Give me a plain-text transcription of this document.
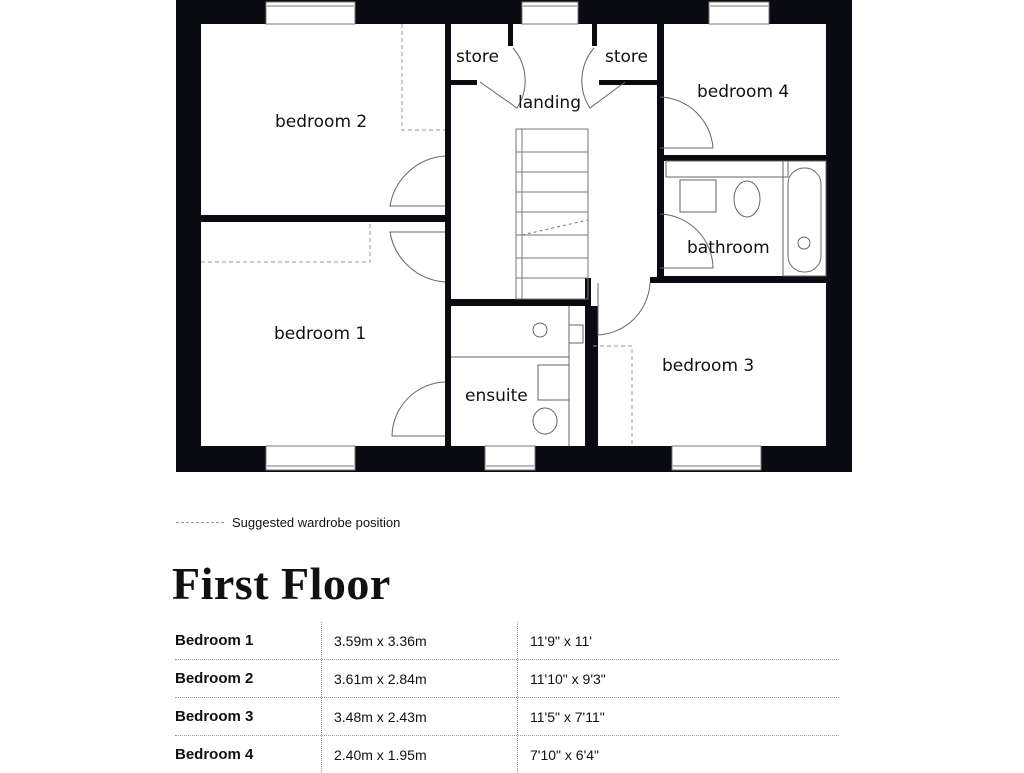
bedroom 2
bedroom 1
bedroom 4
bedroom 3
store	store
landing
bathroom
ensuite
Suggested wardrobe position
First Floor
Bedroom 1	3.59m x 3.36m	11'9" x 11'
Bedroom 2	3.61m x 2.84m	11'10" x 9'3"
Bedroom 3	3.48m x 2.43m	11'5" x 7'11"
Bedroom 4	2.40m x 1.95m	7'10" x 6'4"
